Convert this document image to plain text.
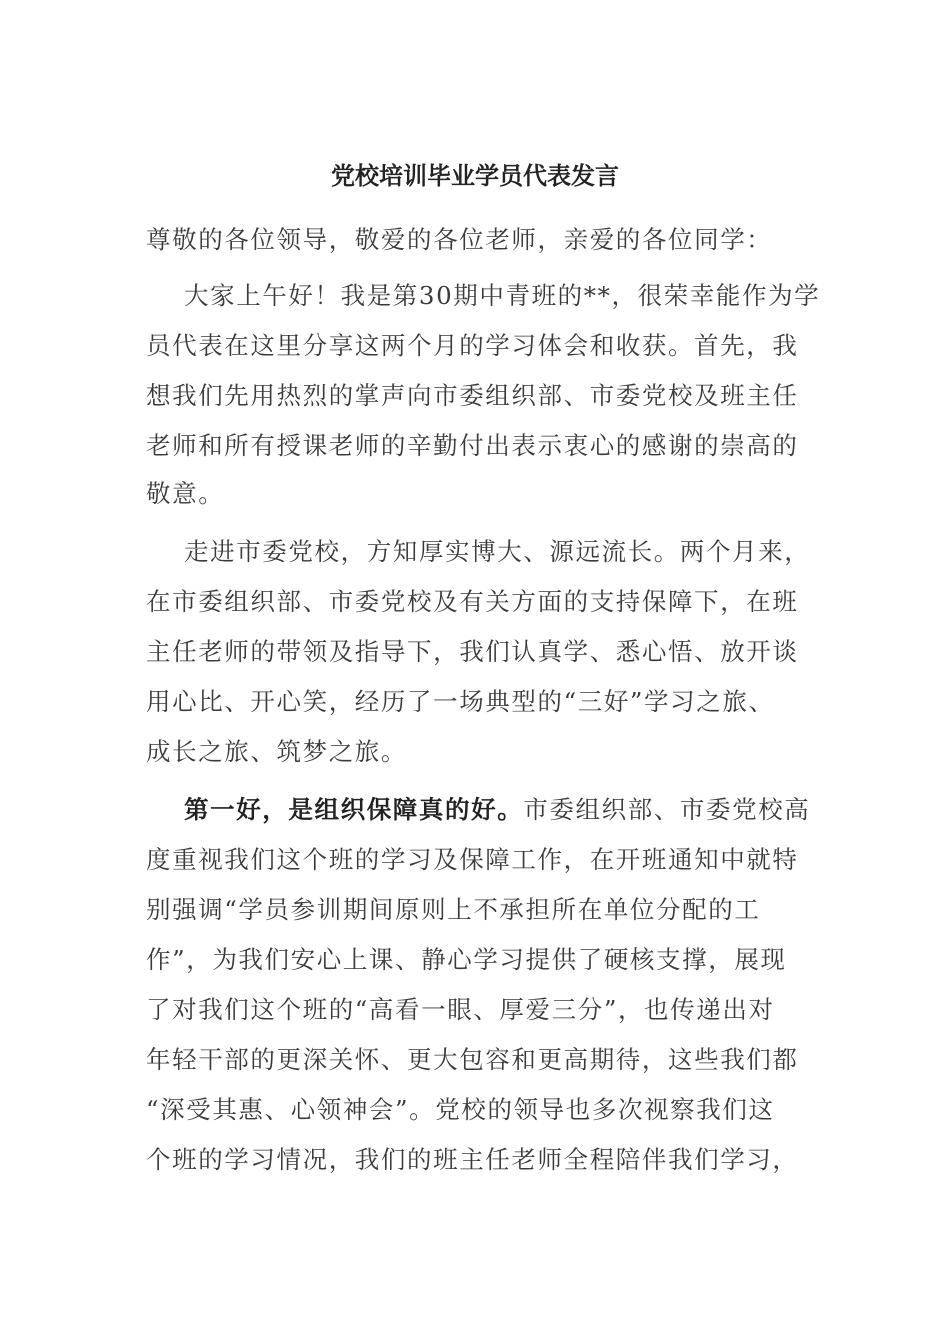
党校培训毕业学员代表发言
尊敬的各位领导，敬爱的各位老师，亲爱的各位同学：
大家上午好！我是第30期中青班的**，很荣幸能作为学
员代表在这里分享这两个月的学习体会和收获。首先，我
想我们先用热烈的掌声向市委组织部、市委党校及班主任
老师和所有授课老师的辛勤付出表示衷心的感谢的崇高的
敬意。
走进市委党校，方知厚实博大、源远流长。两个月来，
在市委组织部、市委党校及有关方面的支持保障下，在班
主任老师的带领及指导下，我们认真学、悉心悟、放开谈
用心比、开心笑，经历了一场典型的“三好”学习之旅、
成长之旅、筑梦之旅。
第一好，是组织保障真的好。市委组织部、市委党校高
度重视我们这个班的学习及保障工作，在开班通知中就特
别强调“学员参训期间原则上不承担所在单位分配的工
作”，为我们安心上课、静心学习提供了硬核支撑，展现
了对我们这个班的“高看一眼、厚爱三分”，也传递出对
年轻干部的更深关怀、更大包容和更高期待，这些我们都
“深受其惠、心领神会”。党校的领导也多次视察我们这
个班的学习情况，我们的班主任老师全程陪伴我们学习，
